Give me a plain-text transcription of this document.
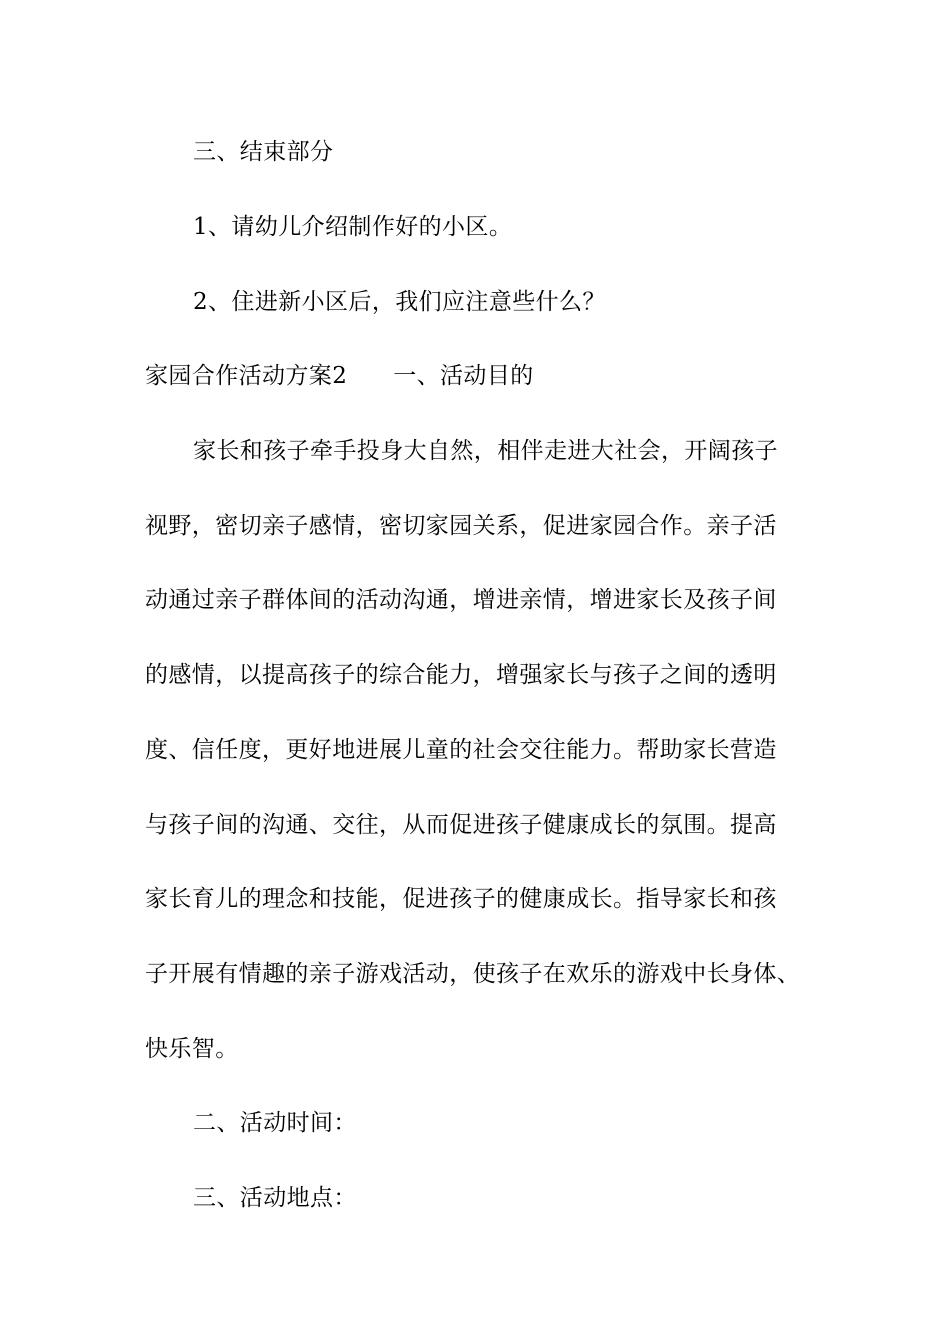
三、结束部分
1、请幼儿介绍制作好的小区。
2、住进新小区后，我们应注意些什么？
家园合作活动方案2 一、活动目的
家长和孩子牵手投身大自然，相伴走进大社会，开阔孩子
视野，密切亲子感情，密切家园关系，促进家园合作。亲子活
动通过亲子群体间的活动沟通，增进亲情，增进家长及孩子间
的感情，以提高孩子的综合能力，增强家长与孩子之间的透明
度、信任度，更好地进展儿童的社会交往能力。帮助家长营造
与孩子间的沟通、交往，从而促进孩子健康成长的氛围。提高
家长育儿的理念和技能，促进孩子的健康成长。指导家长和孩
子开展有情趣的亲子游戏活动，使孩子在欢乐的游戏中长身体、
快乐智。
二、活动时间：
三、活动地点：
